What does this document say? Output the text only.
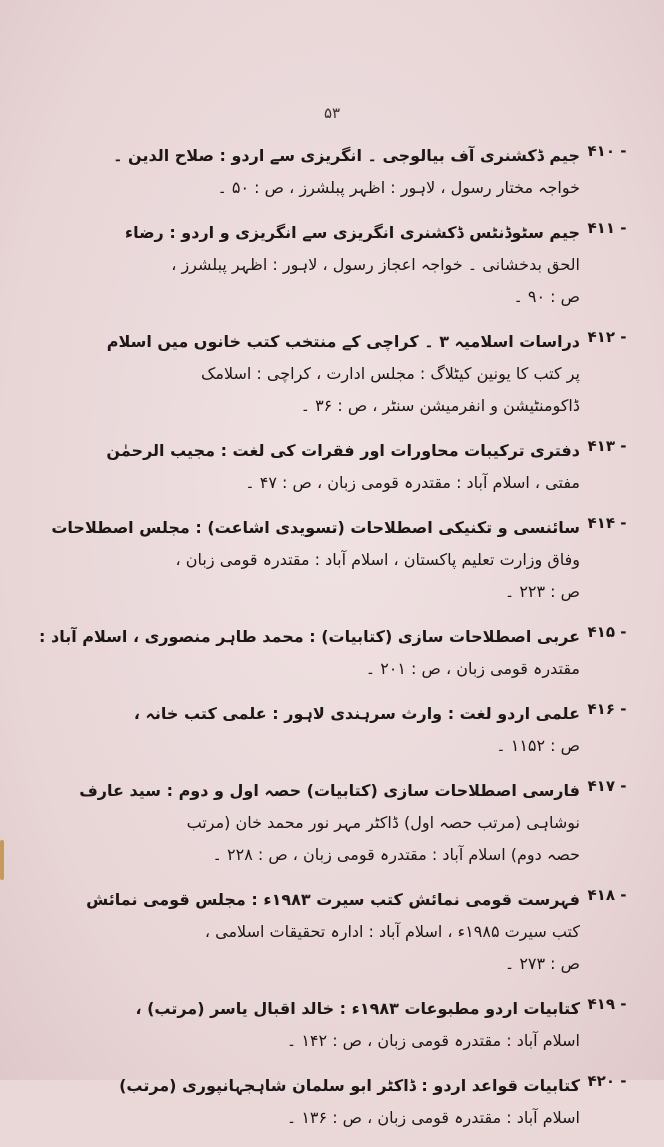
۵۳
۴۱۰ -
جیم ڈکشنری آف بیالوجی ۔ انگریزی سے اردو : صلاح الدین ۔
خواجہ مختار رسول ، لاہور : اظہر پبلشرز ، ص : ۵۰ ۔
۴۱۱ -
جیم سٹوڈنٹس ڈکشنری انگریزی سے انگریزی و اردو : رضاء
الحق بدخشانی ۔ خواجہ اعجاز رسول ، لاہور : اظہر پبلشرز ،
ص : ۹۰ ۔
۴۱۲ -
دراسات اسلامیہ ۳ ۔ کراچی کے منتخب کتب خانوں میں اسلام
پر کتب کا یونین کیٹلاگ : مجلس ادارت ، کراچی : اسلامک
ڈاکومنٹیشن و انفرمیشن سنٹر ، ص : ۳۶ ۔
۴۱۳ -
دفتری ترکیبات محاورات اور فقرات کی لغت : مجیب الرحمٰن
مفتی ، اسلام آباد : مقتدرہ قومی زبان ، ص : ۴۷ ۔
۴۱۴ -
سائنسی و تکنیکی اصطلاحات (تسویدی اشاعت) : مجلس اصطلاحات
وفاق وزارت تعلیم پاکستان ، اسلام آباد : مقتدرہ قومی زبان ،
ص : ۲۲۳ ۔
۴۱۵ -
عربی اصطلاحات سازی (کتابیات) : محمد طاہر منصوری ، اسلام آباد :
مقتدرہ قومی زبان ، ص : ۲۰۱ ۔
۴۱۶ -
علمی اردو لغت : وارث سرہندی لاہور : علمی کتب خانہ ،
ص : ۱۱۵۲ ۔
۴۱۷ -
فارسی اصطلاحات سازی (کتابیات) حصہ اول و دوم : سید عارف
نوشاہی (مرتب حصہ اول) ڈاکٹر مہر نور محمد خان (مرتب
حصہ دوم) اسلام آباد : مقتدرہ قومی زبان ، ص : ۲۲۸ ۔
۴۱۸ -
فہرست قومی نمائش کتب سیرت ۱۹۸۳ء : مجلس قومی نمائش
کتب سیرت ۱۹۸۵ء ، اسلام آباد : ادارہ تحقیقات اسلامی ،
ص : ۲۷۳ ۔
۴۱۹ -
کتابیات اردو مطبوعات ۱۹۸۳ء : خالد اقبال یاسر (مرتب) ،
اسلام آباد : مقتدرہ قومی زبان ، ص : ۱۴۲ ۔
۴۲۰ -
کتابیات قواعد اردو : ڈاکٹر ابو سلمان شاہجہانپوری (مرتب)
اسلام آباد : مقتدرہ قومی زبان ، ص : ۱۳۶ ۔
